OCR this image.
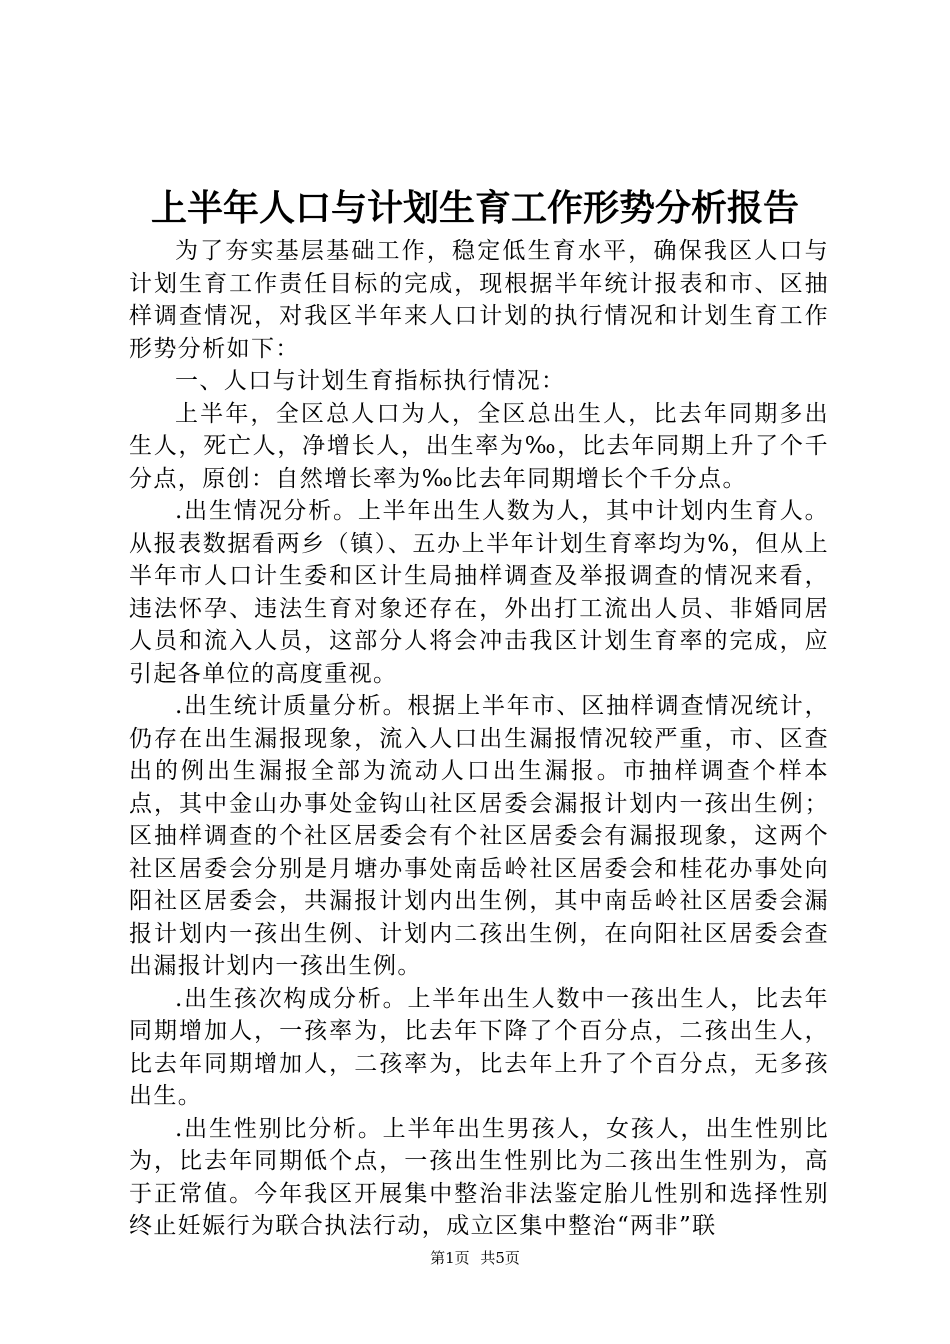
上半年人口与计划生育工作形势分析报告

为了夯实基层基础工作，稳定低生育水平，确保我区人口与计划生育工作责任目标的完成，现根据半年统计报表和市、区抽样调查情况，对我区半年来人口计划的执行情况和计划生育工作形势分析如下：

一、人口与计划生育指标执行情况：

上半年，全区总人口为人，全区总出生人，比去年同期多出生人，死亡人，净增长人，出生率为‰，比去年同期上升了个千分点，原创：自然增长率为‰比去年同期增长个千分点。

.出生情况分析。上半年出生人数为人，其中计划内生育人。从报表数据看两乡（镇）、五办上半年计划生育率均为%，但从上半年市人口计生委和区计生局抽样调查及举报调查的情况来看，违法怀孕、违法生育对象还存在，外出打工流出人员、非婚同居人员和流入人员，这部分人将会冲击我区计划生育率的完成，应引起各单位的高度重视。

.出生统计质量分析。根据上半年市、区抽样调查情况统计，仍存在出生漏报现象，流入人口出生漏报情况较严重，市、区查出的例出生漏报全部为流动人口出生漏报。市抽样调查个样本点，其中金山办事处金钩山社区居委会漏报计划内一孩出生例；区抽样调查的个社区居委会有个社区居委会有漏报现象，这两个社区居委会分别是月塘办事处南岳岭社区居委会和桂花办事处向阳社区居委会，共漏报计划内出生例，其中南岳岭社区居委会漏报计划内一孩出生例、计划内二孩出生例，在向阳社区居委会查出漏报计划内一孩出生例。

.出生孩次构成分析。上半年出生人数中一孩出生人，比去年同期增加人，一孩率为，比去年下降了个百分点，二孩出生人，比去年同期增加人，二孩率为，比去年上升了个百分点，无多孩出生。

.出生性别比分析。上半年出生男孩人，女孩人，出生性别比为，比去年同期低个点，一孩出生性别比为二孩出生性别为，高于正常值。今年我区开展集中整治非法鉴定胎儿性别和选择性别终止妊娠行为联合执法行动，成立区集中整治“两非”联

第1页 共5页
